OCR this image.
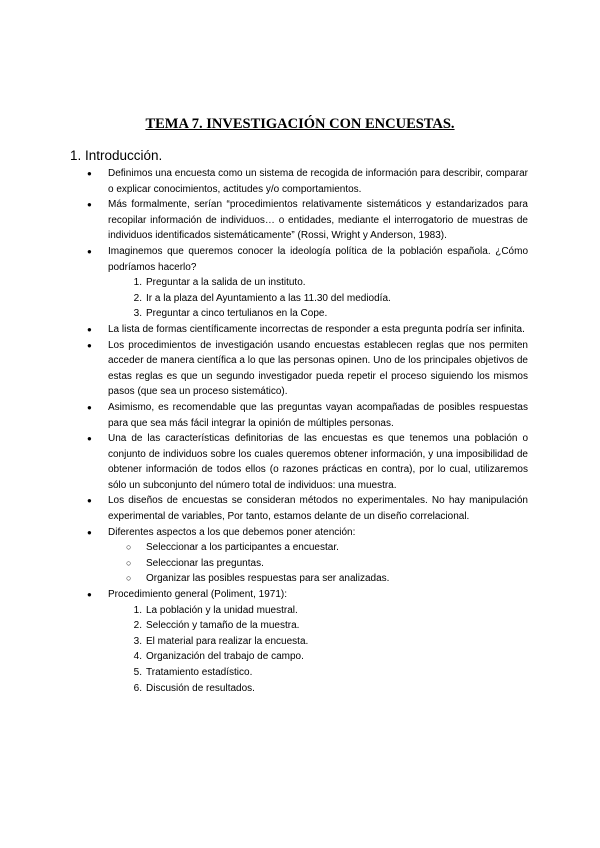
TEMA 7. INVESTIGACIÓN CON ENCUESTAS.
1. Introducción.
● Definimos una encuesta como un sistema de recogida de información para describir, comparar o explicar conocimientos, actitudes y/o comportamientos.
● Más formalmente, serían “procedimientos relativamente sistemáticos y estandarizados para recopilar información de individuos… o entidades, mediante el interrogatorio de muestras de individuos identificados sistemáticamente” (Rossi, Wright y Anderson, 1983).
● Imaginemos que queremos conocer la ideología política de la población española. ¿Cómo podríamos hacerlo?
1. Preguntar a la salida de un instituto.
2. Ir a la plaza del Ayuntamiento a las 11.30 del mediodía.
3. Preguntar a cinco tertulianos en la Cope.
● La lista de formas científicamente incorrectas de responder a esta pregunta podría ser infinita.
● Los procedimientos de investigación usando encuestas establecen reglas que nos permiten acceder de manera científica a lo que las personas opinen. Uno de los principales objetivos de estas reglas es que un segundo investigador pueda repetir el proceso siguiendo los mismos pasos (que sea un proceso sistemático).
● Asimismo, es recomendable que las preguntas vayan acompañadas de posibles respuestas para que sea más fácil integrar la opinión de múltiples personas.
● Una de las características definitorias de las encuestas es que tenemos una población o conjunto de individuos sobre los cuales queremos obtener información, y una imposibilidad de obtener información de todos ellos (o razones prácticas en contra), por lo cual, utilizaremos sólo un subconjunto del número total de individuos: una muestra.
● Los diseños de encuestas se consideran métodos no experimentales. No hay manipulación experimental de variables, Por tanto, estamos delante de un diseño correlacional.
● Diferentes aspectos a los que debemos poner atención:
○ Seleccionar a los participantes a encuestar.
○ Seleccionar las preguntas.
○ Organizar las posibles respuestas para ser analizadas.
● Procedimiento general (Poliment, 1971):
1. La población y la unidad muestral.
2. Selección y tamaño de la muestra.
3. El material para realizar la encuesta.
4. Organización del trabajo de campo.
5. Tratamiento estadístico.
6. Discusión de resultados.
